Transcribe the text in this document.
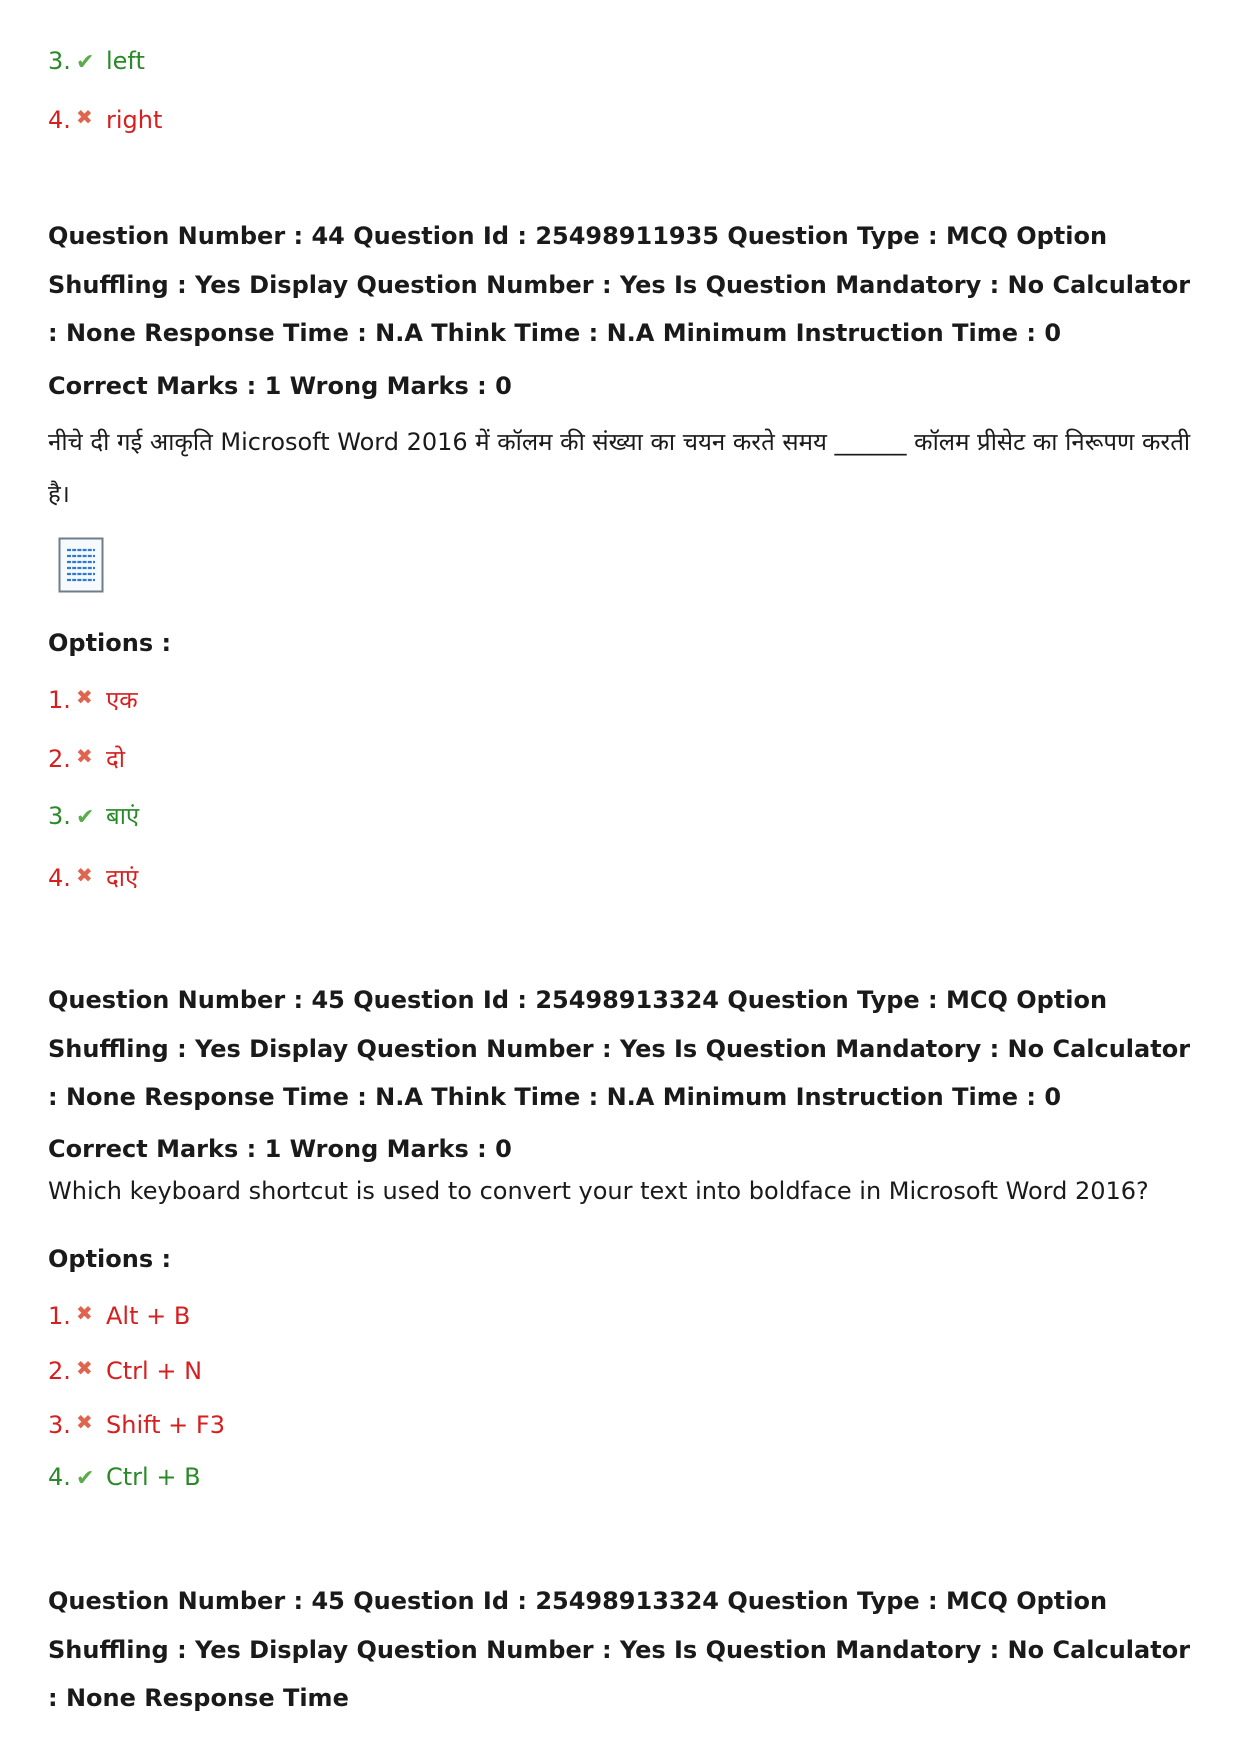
3. ✔ left
4. ✖ right
Question Number : 44 Question Id : 25498911935 Question Type : MCQ Option Shuffling : Yes Display Question Number : Yes Is Question Mandatory : No Calculator : None Response Time : N.A Think Time : N.A Minimum Instruction Time : 0
Correct Marks : 1 Wrong Marks : 0
नीचे दी गई आकृति Microsoft Word 2016 में कॉलम की संख्या का चयन करते समय ______ कॉलम प्रीसेट का निरूपण करती है।
Options :
1. ✖ एक
2. ✖ दो
3. ✔ बाएं
4. ✖ दाएं
Question Number : 45 Question Id : 25498913324 Question Type : MCQ Option Shuffling : Yes Display Question Number : Yes Is Question Mandatory : No Calculator : None Response Time : N.A Think Time : N.A Minimum Instruction Time : 0
Correct Marks : 1 Wrong Marks : 0
Which keyboard shortcut is used to convert your text into boldface in Microsoft Word 2016?
Options :
1. ✖ Alt + B
2. ✖ Ctrl + N
3. ✖ Shift + F3
4. ✔ Ctrl + B
Question Number : 45 Question Id : 25498913324 Question Type : MCQ Option Shuffling : Yes Display Question Number : Yes Is Question Mandatory : No Calculator : None Response Time
